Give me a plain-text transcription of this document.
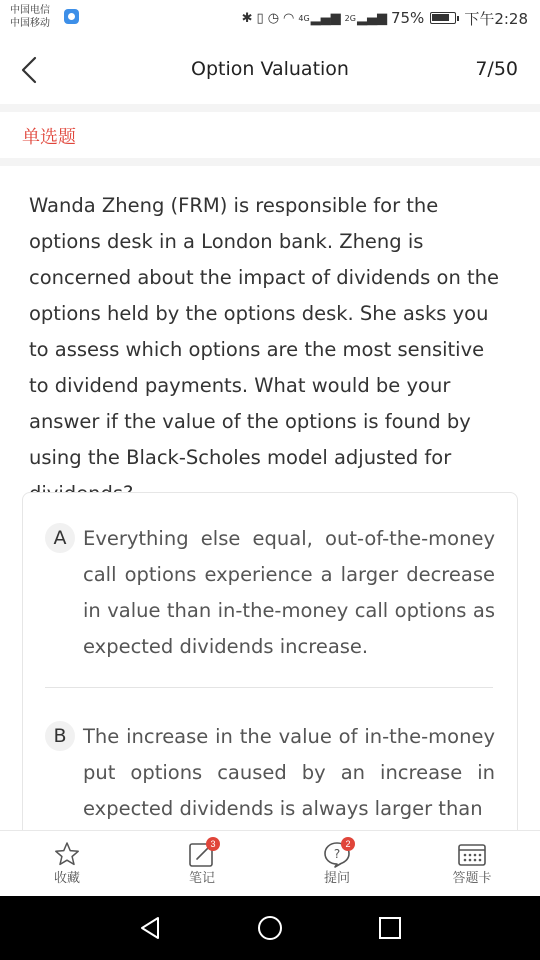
中国电信
中国移动	✱ ▯ ◷ ◠ 4G ▂▄▆ 2G ▂▄▆ 75%	下午2:28
Option Valuation	7/50
单选题
Wanda Zheng (FRM) is responsible for the options desk in a London bank. Zheng is concerned about the impact of dividends on the options held by the options desk. She asks you to assess which options are the most sensitive to dividend payments. What would be your answer if the value of the options is found by using the Black-Scholes model adjusted for
A Everything else equal, out-of-the-money call options experience a larger decrease in value than in-the-money call options as expected dividends increase.
B The increase in the value of in-the-money put options caused by an increase in expected dividends is always larger than
收藏
3
笔记
?
2
提问	答题卡
